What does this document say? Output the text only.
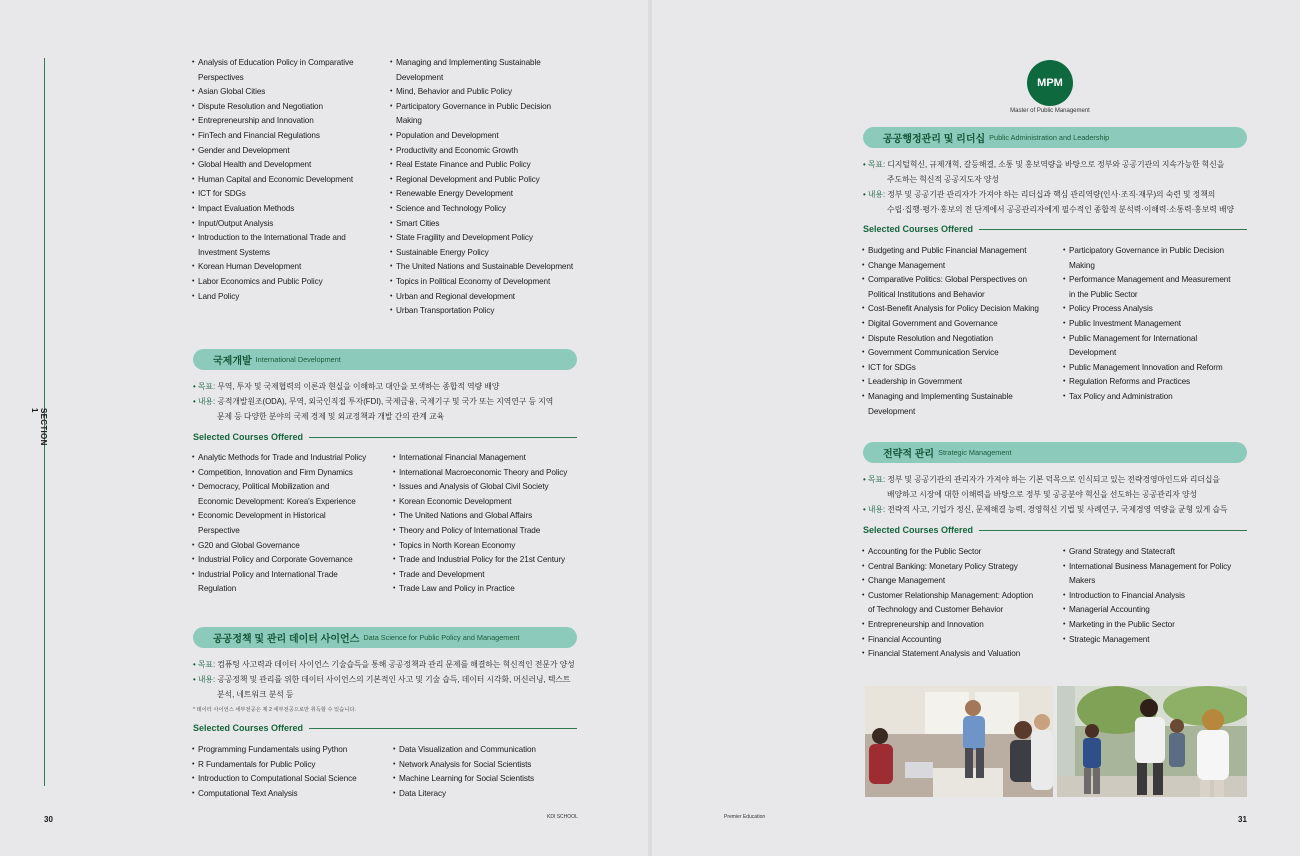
SECTION 1
• Analysis of Education Policy in Comparative
Perspectives
• Asian Global Cities
• Dispute Resolution and Negotiation
• Entrepreneurship and Innovation
• FinTech and Financial Regulations
• Gender and Development
• Global Health and Development
• Human Capital and Economic Development
• ICT for SDGs
• Impact Evaluation Methods
• Input/Output Analysis
• Introduction to the International Trade and
Investment Systems
• Korean Human Development
• Labor Economics and Public Policy
• Land Policy
• Managing and Implementing Sustainable
Development
• Mind, Behavior and Public Policy
• Participatory Governance in Public Decision
Making
• Population and Development
• Productivity and Economic Growth
• Real Estate Finance and Public Policy
• Regional Development and Public Policy
• Renewable Energy Development
• Science and Technology Policy
• Smart Cities
• State Fragility and Development Policy
• Sustainable Energy Policy
• The United Nations and Sustainable Development
• Topics in Political Economy of Development
• Urban and Regional development
• Urban Transportation Policy
국제개발 International Development
• 목표: 무역, 투자 및 국제협력의 이론과 현실을 이해하고 대안을 모색하는 종합적 역량 배양
• 내용: 공적개발원조(ODA), 무역, 외국인직접 투자(FDI), 국제금융, 국제기구 및 국가 또는 지역연구 등 지역
문제 등 다양한 분야의 국제 경제 및 외교정책과 개발 간의 관계 교육
Selected Courses Offered
• Analytic Methods for Trade and Industrial Policy
• Competition, Innovation and Firm Dynamics
• Democracy, Political Mobilization and
Economic Development: Korea's Experience
• Economic Development in Historical
Perspective
• G20 and Global Governance
• Industrial Policy and Corporate Governance
• Industrial Policy and International Trade
Regulation
• International Financial Management
• International Macroeconomic Theory and Policy
• Issues and Analysis of Global Civil Society
• Korean Economic Development
• The United Nations and Global Affairs
• Theory and Policy of International Trade
• Topics in North Korean Economy
• Trade and Industrial Policy for the 21st Century
• Trade and Development
• Trade Law and Policy in Practice
공공정책 및 관리 데이터 사이언스 Data Science for Public Policy and Management
• 목표: 컴퓨팅 사고력과 데이터 사이언스 기술습득을 통해 공공정책과 관리 문제를 해결하는 혁신적인 전문가 양성
• 내용: 공공정책 및 관리를 위한 데이터 사이언스의 기본적인 사고 및 기술 습득, 데이터 시각화, 머신러닝, 텍스트
분석, 네트워크 분석 등
* 데이터 사이언스 세부전공은 제 2 세부전공으로만 취득할 수 있습니다.
Selected Courses Offered
• Programming Fundamentals using Python
• R Fundamentals for Public Policy
• Introduction to Computational Social Science
• Computational Text Analysis
• Data Visualization and Communication
• Network Analysis for Social Scientists
• Machine Learning for Social Scientists
• Data Literacy
30	KDI SCHOOL
MPM
Master of Public Management
공공행정관리 및 리더십 Public Administration and Leadership
• 목표: 디지털혁신, 규제개혁, 갈등해결, 소통 및 홍보역량을 바탕으로 정부와 공공기관의 지속가능한 혁신을
주도하는 혁신적 공공지도자 양성
• 내용: 정부 및 공공기관 관리자가 가져야 하는 리더십과 핵심 관리역량(인사·조직·재무)의 숙련 및 정책의
수립·집행·평가·홍보의 전 단계에서 공공관리자에게 필수적인 종합적 분석력·이해력·소통력·홍보력 배양
Selected Courses Offered
• Budgeting and Public Financial Management
• Change Management
• Comparative Politics: Global Perspectives on
Political Institutions and Behavior
• Cost-Benefit Analysis for Policy Decision Making
• Digital Government and Governance
• Dispute Resolution and Negotiation
• Government Communication Service
• ICT for SDGs
• Leadership in Government
• Managing and Implementing Sustainable
Development
• Participatory Governance in Public Decision
Making
• Performance Management and Measurement
in the Public Sector
• Policy Process Analysis
• Public Investment Management
• Public Management for International
Development
• Public Management Innovation and Reform
• Regulation Reforms and Practices
• Tax Policy and Administration
전략적 관리 Strategic Management
• 목표: 정부 및 공공기관의 관리자가 가져야 하는 기본 덕목으로 인식되고 있는 전략경영마인드와 리더십을
배양하고 시장에 대한 이해력을 바탕으로 정부 및 공공분야 혁신을 선도하는 공공관리자 양성
• 내용: 전략적 사고, 기업가 정신, 문제해결 능력, 경영혁신 기법 및 사례연구, 국제경영 역량을 균형 있게 습득
Selected Courses Offered
• Accounting for the Public Sector
• Central Banking: Monetary Policy Strategy
• Change Management
• Customer Relationship Management: Adoption
of Technology and Customer Behavior
• Entrepreneurship and Innovation
• Financial Accounting
• Financial Statement Analysis and Valuation
• Grand Strategy and Statecraft
• International Business Management for Policy
Makers
• Introduction to Financial Analysis
• Managerial Accounting
• Marketing in the Public Sector
• Strategic Management
Premier Education	31
